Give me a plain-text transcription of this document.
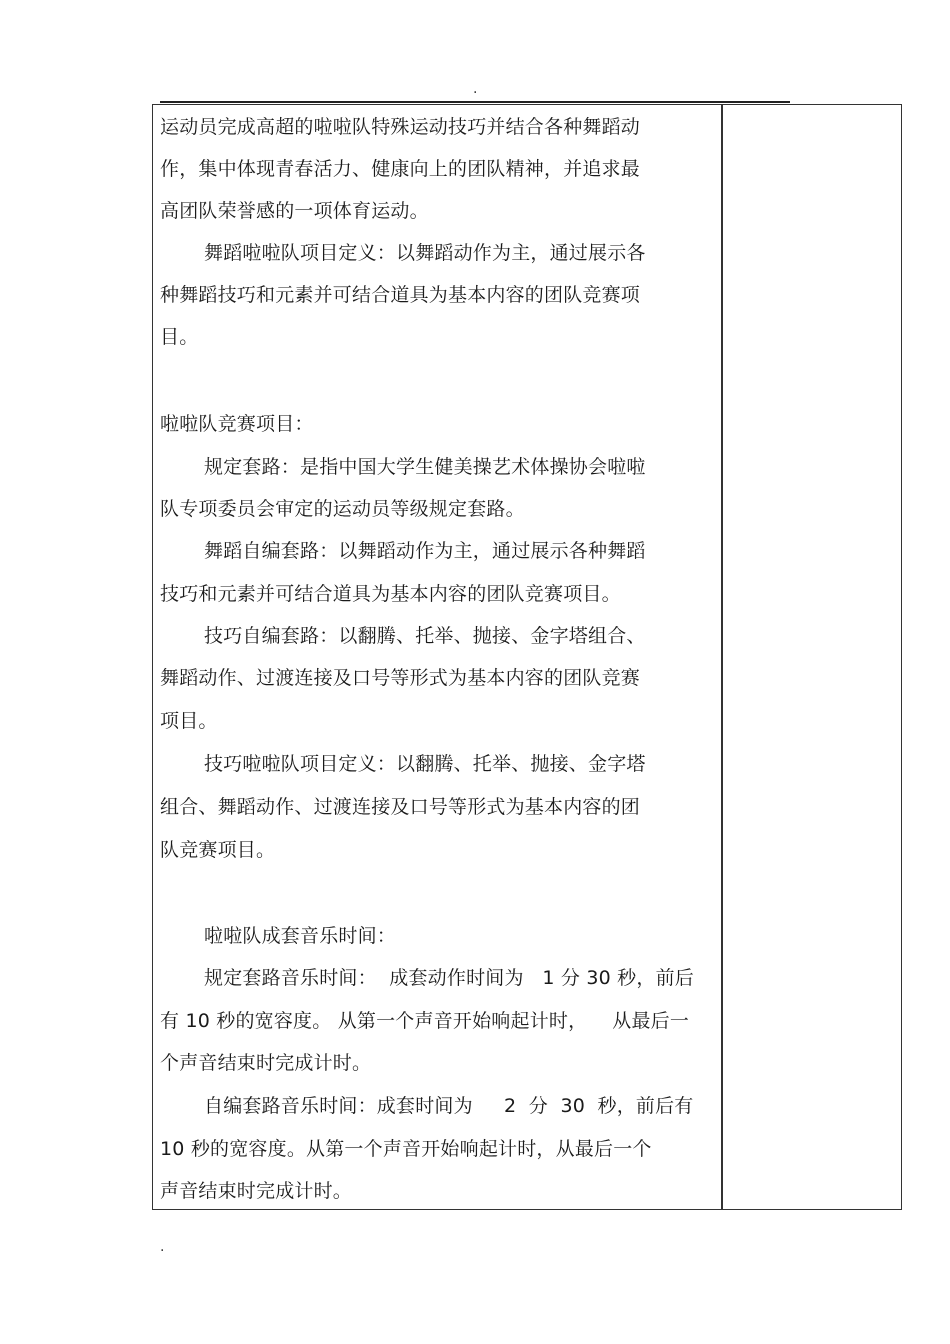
.
运动员完成高超的啦啦队特殊运动技巧并结合各种舞蹈动
作，集中体现青春活力、健康向上的团队精神，并追求最
高团队荣誉感的一项体育运动。
舞蹈啦啦队项目定义：以舞蹈动作为主，通过展示各
种舞蹈技巧和元素并可结合道具为基本内容的团队竞赛项
目。
啦啦队竞赛项目：
规定套路：是指中国大学生健美操艺术体操协会啦啦
队专项委员会审定的运动员等级规定套路。
舞蹈自编套路：以舞蹈动作为主，通过展示各种舞蹈
技巧和元素并可结合道具为基本内容的团队竞赛项目。
技巧自编套路：以翻腾、托举、抛接、金字塔组合、
舞蹈动作、过渡连接及口号等形式为基本内容的团队竞赛
项目。
技巧啦啦队项目定义：以翻腾、托举、抛接、金字塔
组合、舞蹈动作、过渡连接及口号等形式为基本内容的团
队竞赛项目。
啦啦队成套音乐时间：
规定套路音乐时间：  成套动作时间为   1 分 30 秒，前后
有 10 秒的宽容度。 从第一个声音开始响起计时，    从最后一
个声音结束时完成计时。
自编套路音乐时间：成套时间为     2  分  30  秒，前后有
10 秒的宽容度。从第一个声音开始响起计时，从最后一个
声音结束时完成计时。
.
